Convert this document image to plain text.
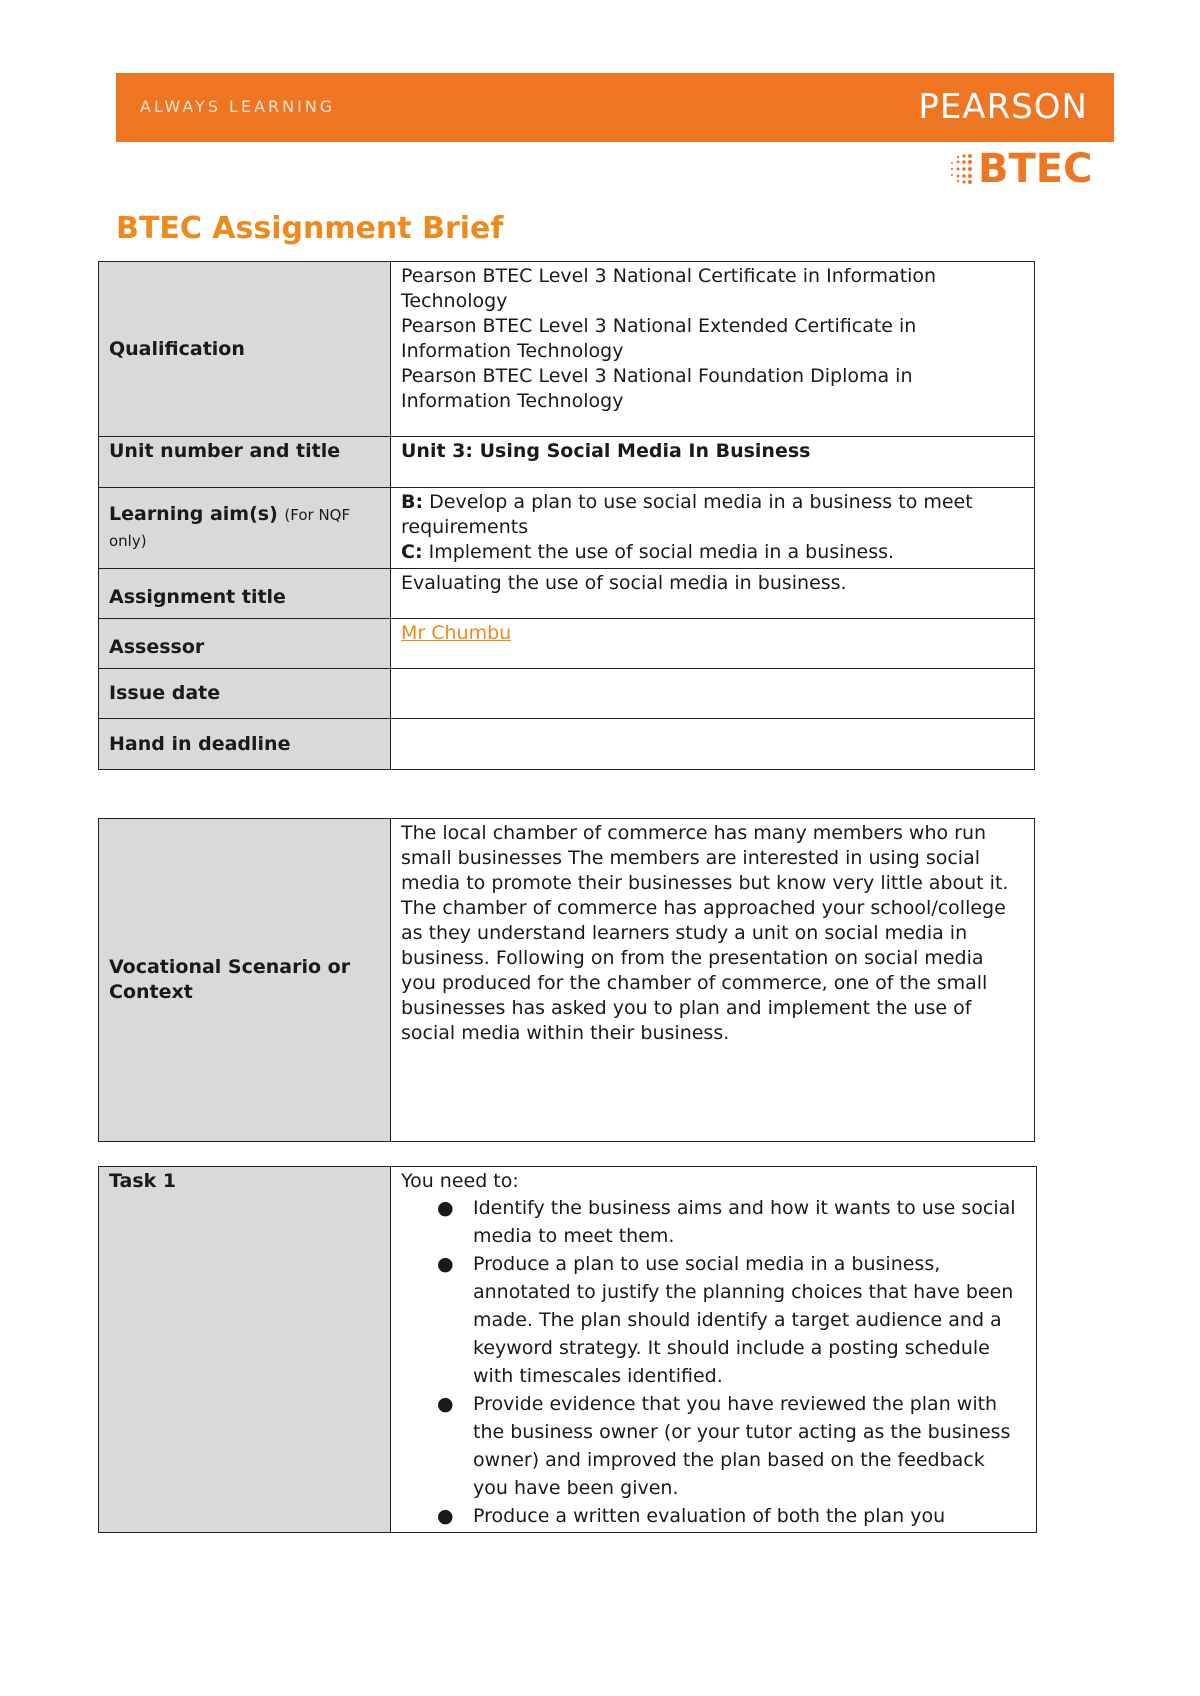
ALWAYS LEARNING	PEARSON
BTEC
BTEC Assignment Brief
Qualification	Pearson BTEC Level 3 National Certificate in Information Technology
Pearson BTEC Level 3 National Extended Certificate in Information Technology
Pearson BTEC Level 3 National Foundation Diploma in Information Technology

Unit number and title	Unit 3: Using Social Media In Business
Learning aim(s) (For NQF only)	B: Develop a plan to use social media in a business to meet requirements
C: Implement the use of social media in a business.

Assignment title	Evaluating the use of social media in business.
Assessor	Mr Chumbu
Issue date	
Hand in deadline	
Vocational Scenario or Context	The local chamber of commerce has many members who run small businesses The members are interested in using social media to promote their businesses but know very little about it. The chamber of commerce has approached your school/college as they understand learners study a unit on social media in business. Following on from the presentation on social media you produced for the chamber of commerce, one of the small businesses has asked you to plan and implement the use of social media within their business.
Task 1	You need to:
● Identify the business aims and how it wants to use social media to meet them.
● Produce a plan to use social media in a business, annotated to justify the planning choices that have been made. The plan should identify a target audience and a keyword strategy. It should include a posting schedule with timescales identified.
● Provide evidence that you have reviewed the plan with the business owner (or your tutor acting as the business owner) and improved the plan based on the feedback you have been given.
● Produce a written evaluation of both the plan you
